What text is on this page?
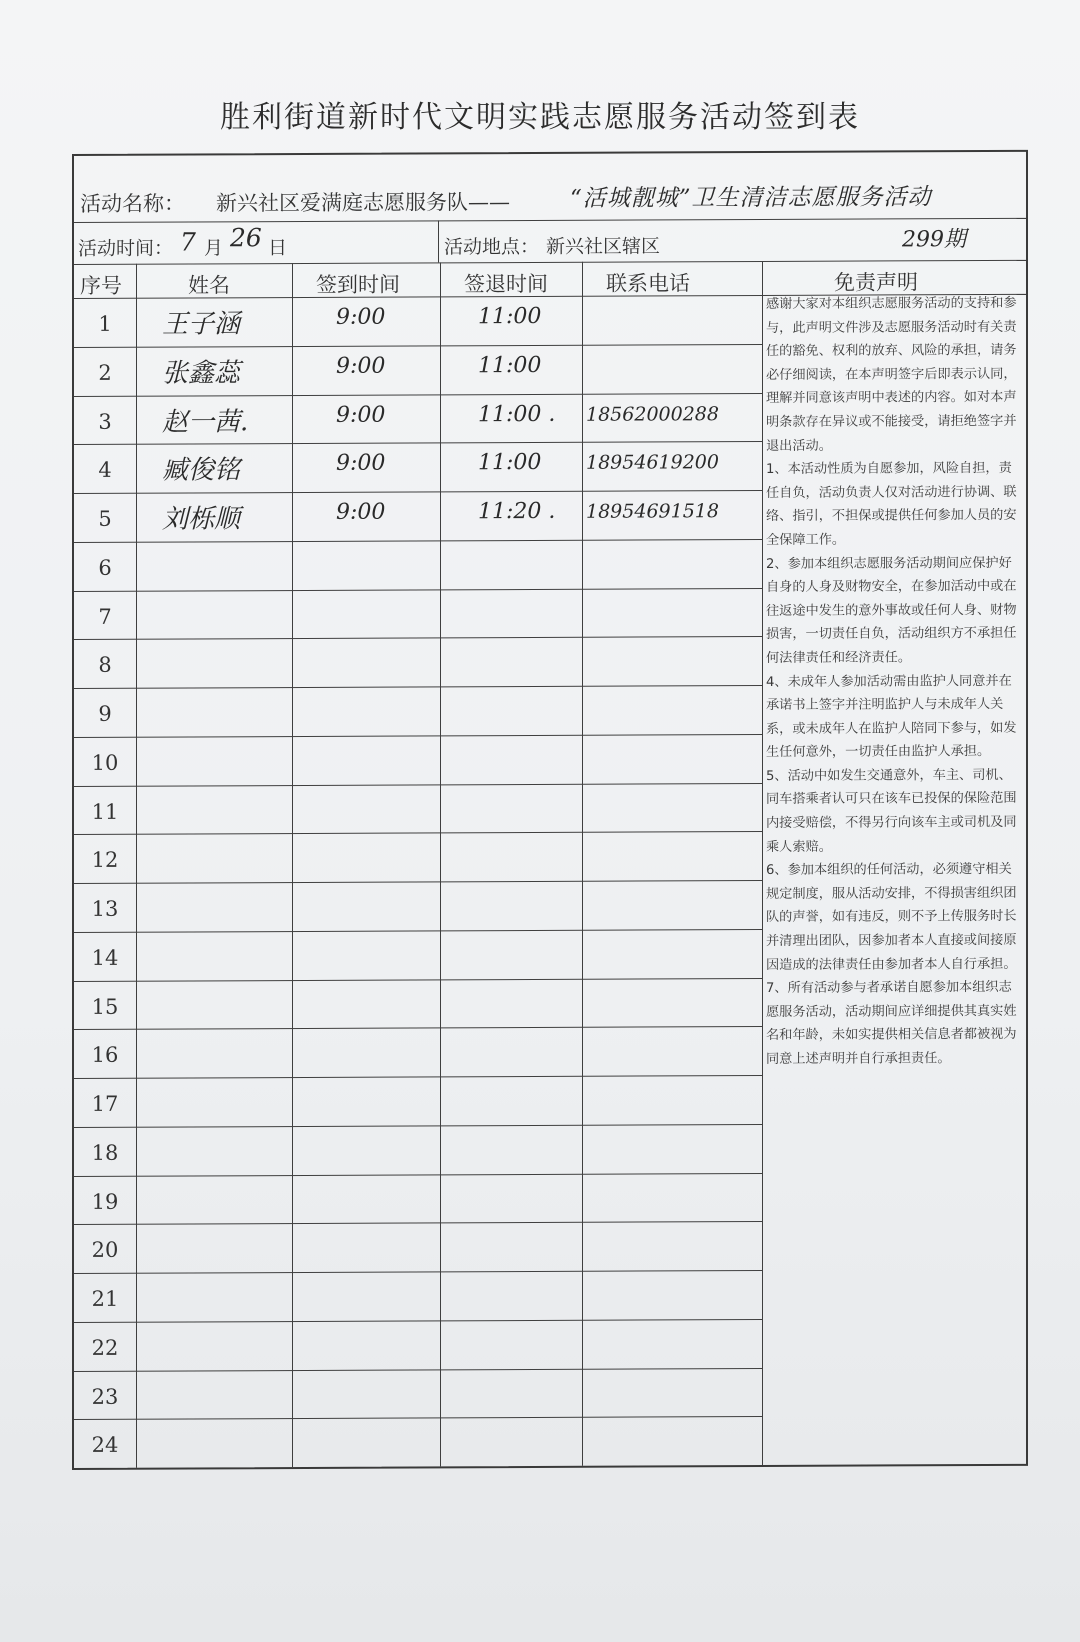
胜利街道新时代文明实践志愿服务活动签到表
活动名称： 新兴社区爱满庭志愿服务队——	“活城靓城”卫生清洁志愿服务活动
活动时间： 7 月 26 日	活动地点： 新兴社区辖区	299期
序号	姓名	签到时间	签退时间	联系电话	免责声明
1	王子涵	9:00	11:00
2	张鑫蕊	9:00	11:00
3	赵一茜.	9:00	11:00 . 18562000288
4	臧俊铭	9:00	11:00 18954619200
5	刘栎顺	9:00	11:20 . 18954691518
6
7
8
9
10
11
12
13
14
15
16
17
18
19
20
21
22
23
24

感谢大家对本组织志愿服务活动的支持和参与，此声明文件涉及志愿服务活动时有关责任的豁免、权利的放弃、风险的承担，请务必仔细阅读，在本声明签字后即表示认同，理解并同意该声明中表述的内容。如对本声明条款存在异议或不能接受，请拒绝签字并退出活动。

1、本活动性质为自愿参加，风险自担，责任自负，活动负责人仅对活动进行协调、联络、指引，不担保或提供任何参加人员的安全保障工作。

2、参加本组织志愿服务活动期间应保护好自身的人身及财物安全，在参加活动中或在往返途中发生的意外事故或任何人身、财物损害，一切责任自负，活动组织方不承担任何法律责任和经济责任。

4、未成年人参加活动需由监护人同意并在承诺书上签字并注明监护人与未成年人关系，或未成年人在监护人陪同下参与，如发生任何意外，一切责任由监护人承担。

5、活动中如发生交通意外，车主、司机、同车搭乘者认可只在该车已投保的保险范围内接受赔偿，不得另行向该车主或司机及同乘人索赔。

6、参加本组织的任何活动，必须遵守相关规定制度，服从活动安排，不得损害组织团队的声誉，如有违反，则不予上传服务时长并清理出团队，因参加者本人直接或间接原因造成的法律责任由参加者本人自行承担。

7、所有活动参与者承诺自愿参加本组织志愿服务活动，活动期间应详细提供其真实姓名和年龄，未如实提供相关信息者都被视为同意上述声明并自行承担责任。
